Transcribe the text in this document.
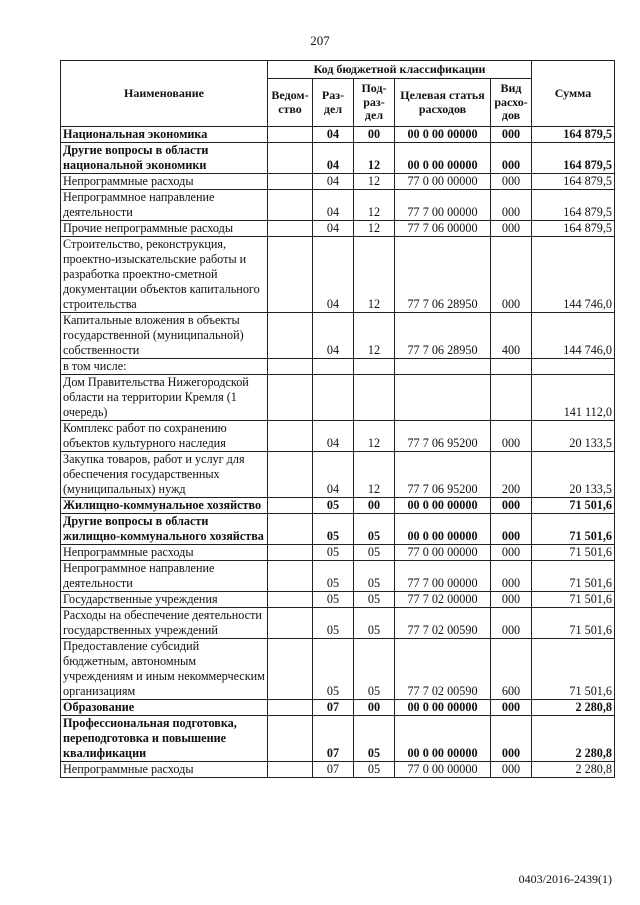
207
Наименование	Код бюджетной классификации					Сумма
	Ведом-ство	Раз-дел	Под-раз-дел	Целевая статья расходов	Вид расхо-дов	
Национальная экономика		04	00	00 0 00 00000	000	164 879,5
Другие вопросы в области национальной экономики		04	12	00 0 00 00000	000	164 879,5
Непрограммные расходы		04	12	77 0 00 00000	000	164 879,5
Непрограммное направление деятельности		04	12	77 7 00 00000	000	164 879,5
Прочие непрограммные расходы		04	12	77 7 06 00000	000	164 879,5
Строительство, реконструкция, проектно-изыскательские работы и разработка проектно-сметной документации объектов капитального строительства		04	12	77 7 06 28950	000	144 746,0
Капитальные вложения в объекты государственной (муниципальной) собственности		04	12	77 7 06 28950	400	144 746,0
в том числе:						
Дом Правительства Нижегородской области на территории Кремля (1 очередь)						141 112,0
Комплекс работ по сохранению объектов культурного наследия		04	12	77 7 06 95200	000	20 133,5
Закупка товаров, работ и услуг для обеспечения государственных (муниципальных) нужд		04	12	77 7 06 95200	200	20 133,5
Жилищно-коммунальное хозяйство		05	00	00 0 00 00000	000	71 501,6
Другие вопросы в области жилищно-коммунального хозяйства		05	05	00 0 00 00000	000	71 501,6
Непрограммные расходы		05	05	77 0 00 00000	000	71 501,6
Непрограммное направление деятельности		05	05	77 7 00 00000	000	71 501,6
Государственные учреждения		05	05	77 7 02 00000	000	71 501,6
Расходы на обеспечение деятельности государственных учреждений		05	05	77 7 02 00590	000	71 501,6
Предоставление субсидий бюджетным, автономным учреждениям и иным некоммерческим организациям		05	05	77 7 02 00590	600	71 501,6
Образование		07	00	00 0 00 00000	000	2 280,8
Профессиональная подготовка, переподготовка и повышение квалификации		07	05	00 0 00 00000	000	2 280,8
Непрограммные расходы		07	05	77 0 00 00000	000	2 280,8
0403/2016-2439(1)
